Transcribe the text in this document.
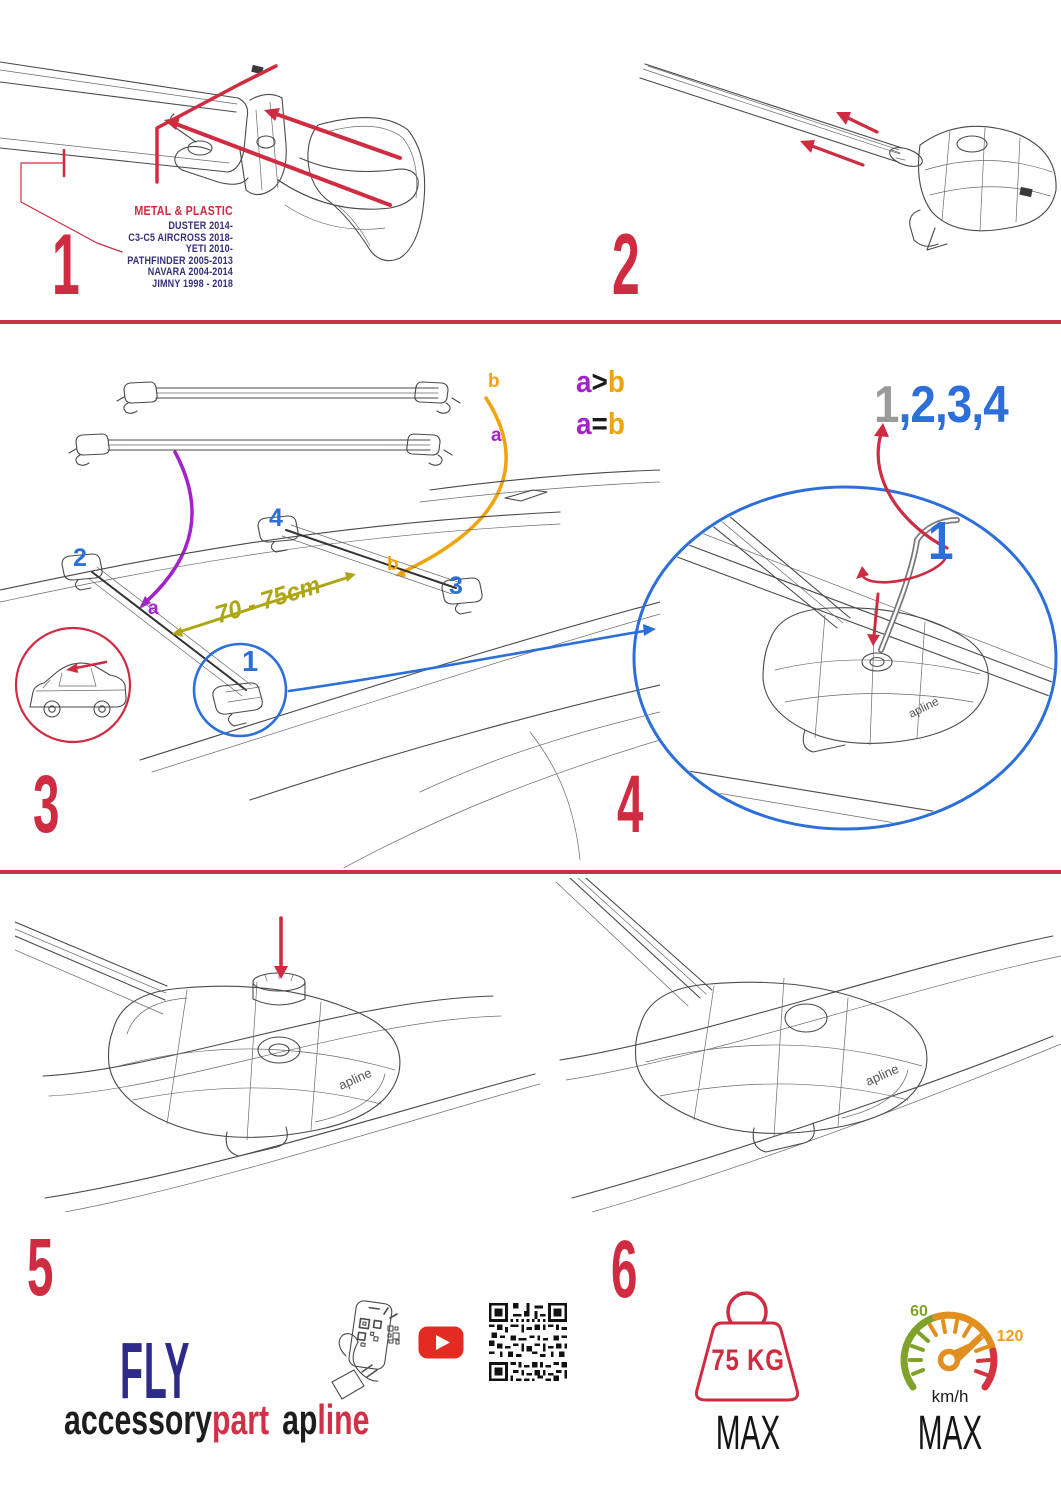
METAL & PLASTIC
DUSTER 2014-
C3-C5 AIRCROSS 2018-
YETI 2010-
PATHFINDER 2005-2013
NAVARA 2004-2014
JIMNY 1998 - 2018
1	2
a>b
a=b
b
a
a
b
2
4
3
1
70 - 75cm
3
apline
1,2,3,4
1
4
apline
5
apline
6
FLY
accessorypart apline
75 KG
MAX
60
120
km/h
MAX
